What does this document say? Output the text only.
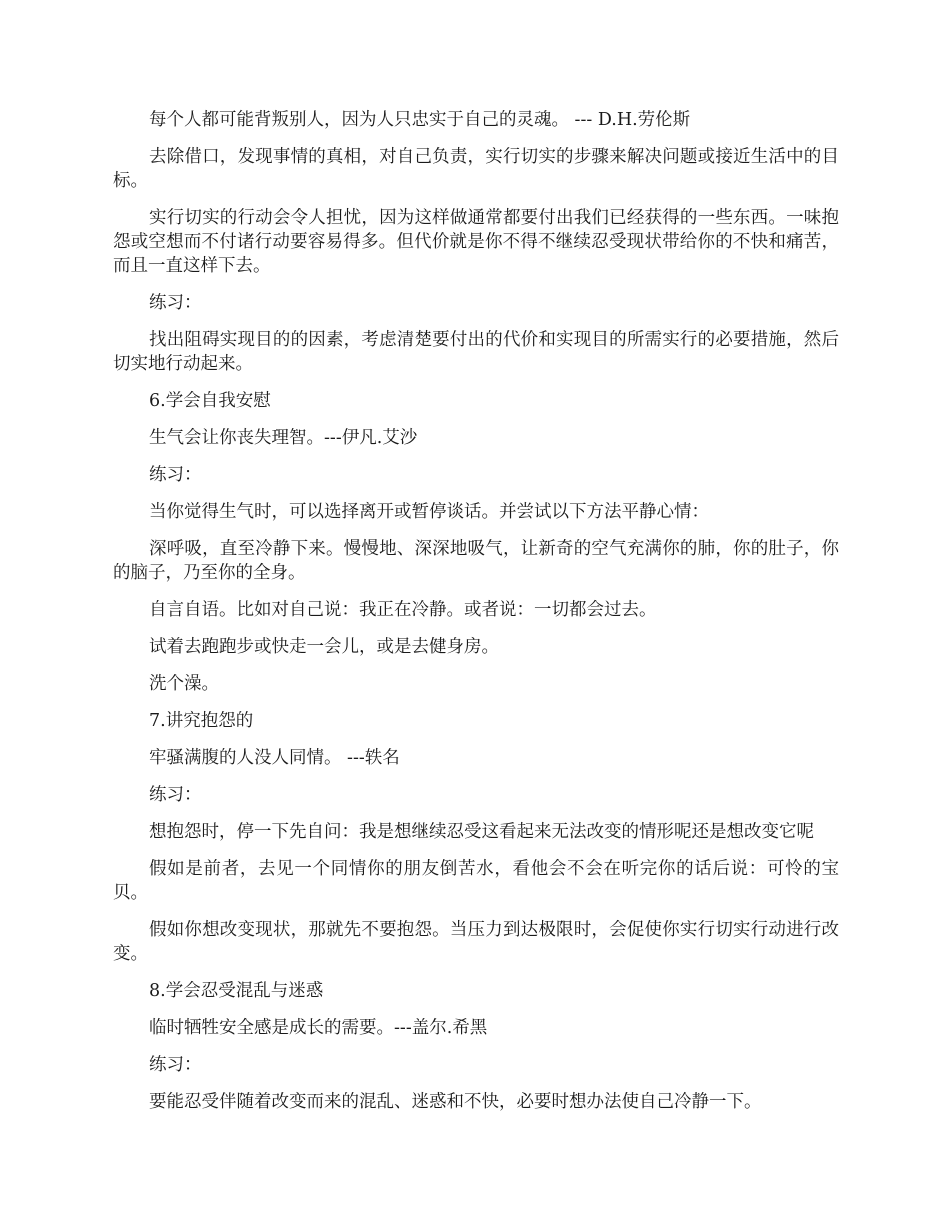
每个人都可能背叛别人，因为人只忠实于自己的灵魂。 --- D.H.劳伦斯

去除借口，发现事情的真相，对自己负责，实行切实的步骤来解决问题或接近生活中的目标。

实行切实的行动会令人担忧，因为这样做通常都要付出我们已经获得的一些东西。一味抱怨或空想而不付诸行动要容易得多。但代价就是你不得不继续忍受现状带给你的不快和痛苦，而且一直这样下去。

练习：

找出阻碍实现目的的因素，考虑清楚要付出的代价和实现目的所需实行的必要措施，然后切实地行动起来。

6.学会自我安慰

生气会让你丧失理智。---伊凡.艾沙

练习：

当你觉得生气时，可以选择离开或暂停谈话。并尝试以下方法平静心情：

深呼吸，直至冷静下来。慢慢地、深深地吸气，让新奇的空气充满你的肺，你的肚子，你的脑子，乃至你的全身。

自言自语。比如对自己说：我正在冷静。或者说：一切都会过去。

试着去跑跑步或快走一会儿，或是去健身房。

洗个澡。

7.讲究抱怨的

牢骚满腹的人没人同情。 ---轶名

练习：

想抱怨时，停一下先自问：我是想继续忍受这看起来无法改变的情形呢还是想改变它呢

假如是前者，去见一个同情你的朋友倒苦水，看他会不会在听完你的话后说：可怜的宝贝。

假如你想改变现状，那就先不要抱怨。当压力到达极限时，会促使你实行切实行动进行改变。

8.学会忍受混乱与迷惑

临时牺牲安全感是成长的需要。---盖尔.希黑

练习：

要能忍受伴随着改变而来的混乱、迷惑和不快，必要时想办法使自己冷静一下。
